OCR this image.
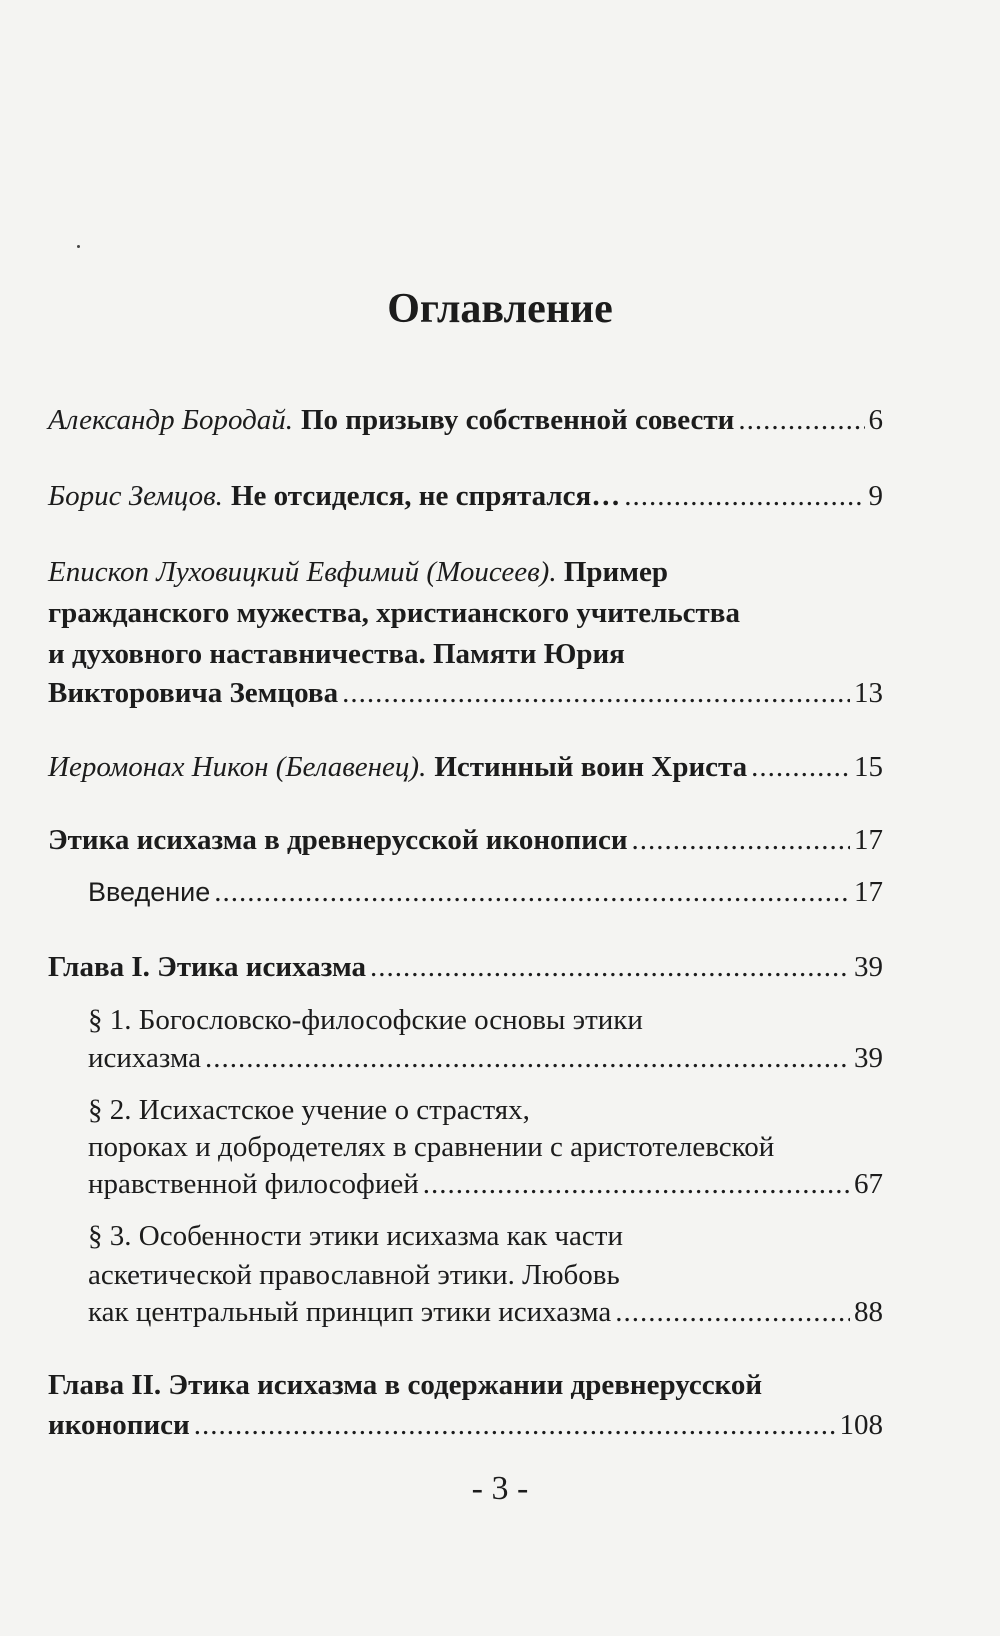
Оглавление
Александр Бородай. По призыву собственной совести .....	6
Борис Земцов. Не отсиделся, не спрятался… .....	9
Епископ Луховицкий Евфимий (Моисеев). Пример
гражданского мужества, христианского учительства
и духовного наставничества. Памяти Юрия
Викторовича Земцова .....	13
Иеромонах Никон ( Белавенец ). Истинный воин Христа .....	15
Этика исихазма в древнерусской иконописи .....	17
Введение .....	17
Глава I. Этика исихазма .....	39
§ 1. Богословско-философские основы этики
исихазма .....	39
§ 2. Исихастское учение о страстях,
пороках и добродетелях в сравнении с аристотелевской
нравственной философией .....	67
§ 3. Особенности этики исихазма как части
аскетической православной этики. Любовь
как центральный принцип этики исихазма .....	88
Глава II. Этика исихазма в содержании древнерусской
иконописи .....	108
- 3 -
